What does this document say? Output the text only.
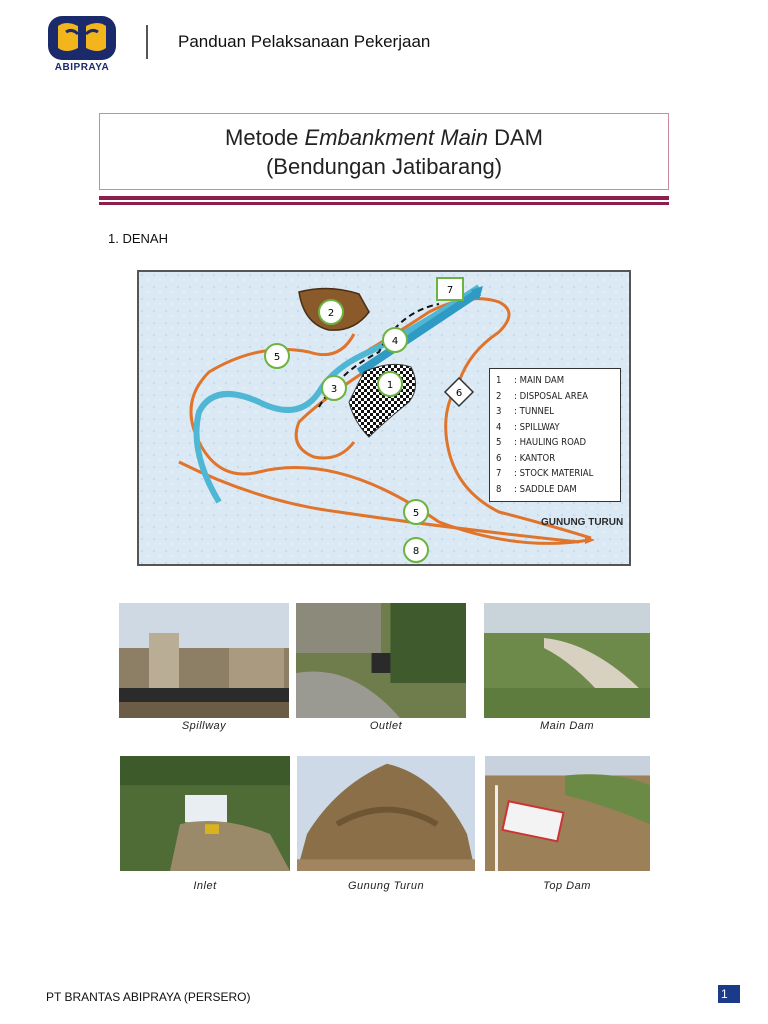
ABIPRAYA
Panduan Pelaksanaan Pekerjaan
Metode Embankment Main DAM
(Bendungan Jatibarang)
1. DENAH
7
2
4
5
3	1
6
5
8
1	: MAIN DAM
2	: DISPOSAL AREA
3	: TUNNEL
4	: SPILLWAY
5	: HAULING ROAD
6	: KANTOR
7	: STOCK MATERIAL
8	: SADDLE DAM
GUNUNG TURUN
Spillway	Outlet	Main Dam
Inlet	Gunung Turun	Top Dam
PT BRANTAS ABIPRAYA (PERSERO)	1
